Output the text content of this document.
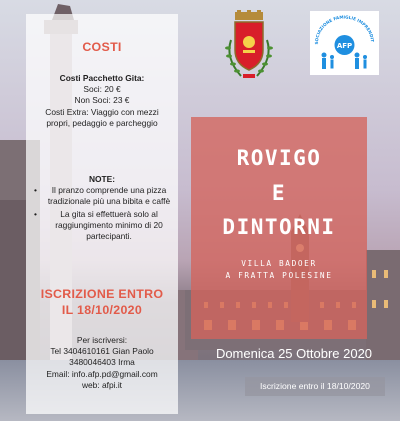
COSTI
Costi Pacchetto Gita:
Soci: 20 €
Non Soci: 23 €
Costi Extra: Viaggio con mezzi
propri, pedaggio e parcheggio
NOTE:
• Il pranzo comprende una pizza tradizionale più una bibita e caffè
• La gita si effettuerà solo al raggiungimento minimo di 20 partecipanti.
ISCRIZIONE ENTRO
IL 18/10/2020
Per iscriversi:
Tel 3404610161 Gian Paolo
3480046403 Irma
Email: info.afp.pd@gmail.com
web: afpi.it
SOCIAZIONE FAMIGLIE IMPRENDIT
AFP
ROVIGO
E
DINTORNI
VILLA BADOER
A FRATTA POLESINE
Domenica 25 Ottobre 2020
Iscrizione entro il 18/10/2020
